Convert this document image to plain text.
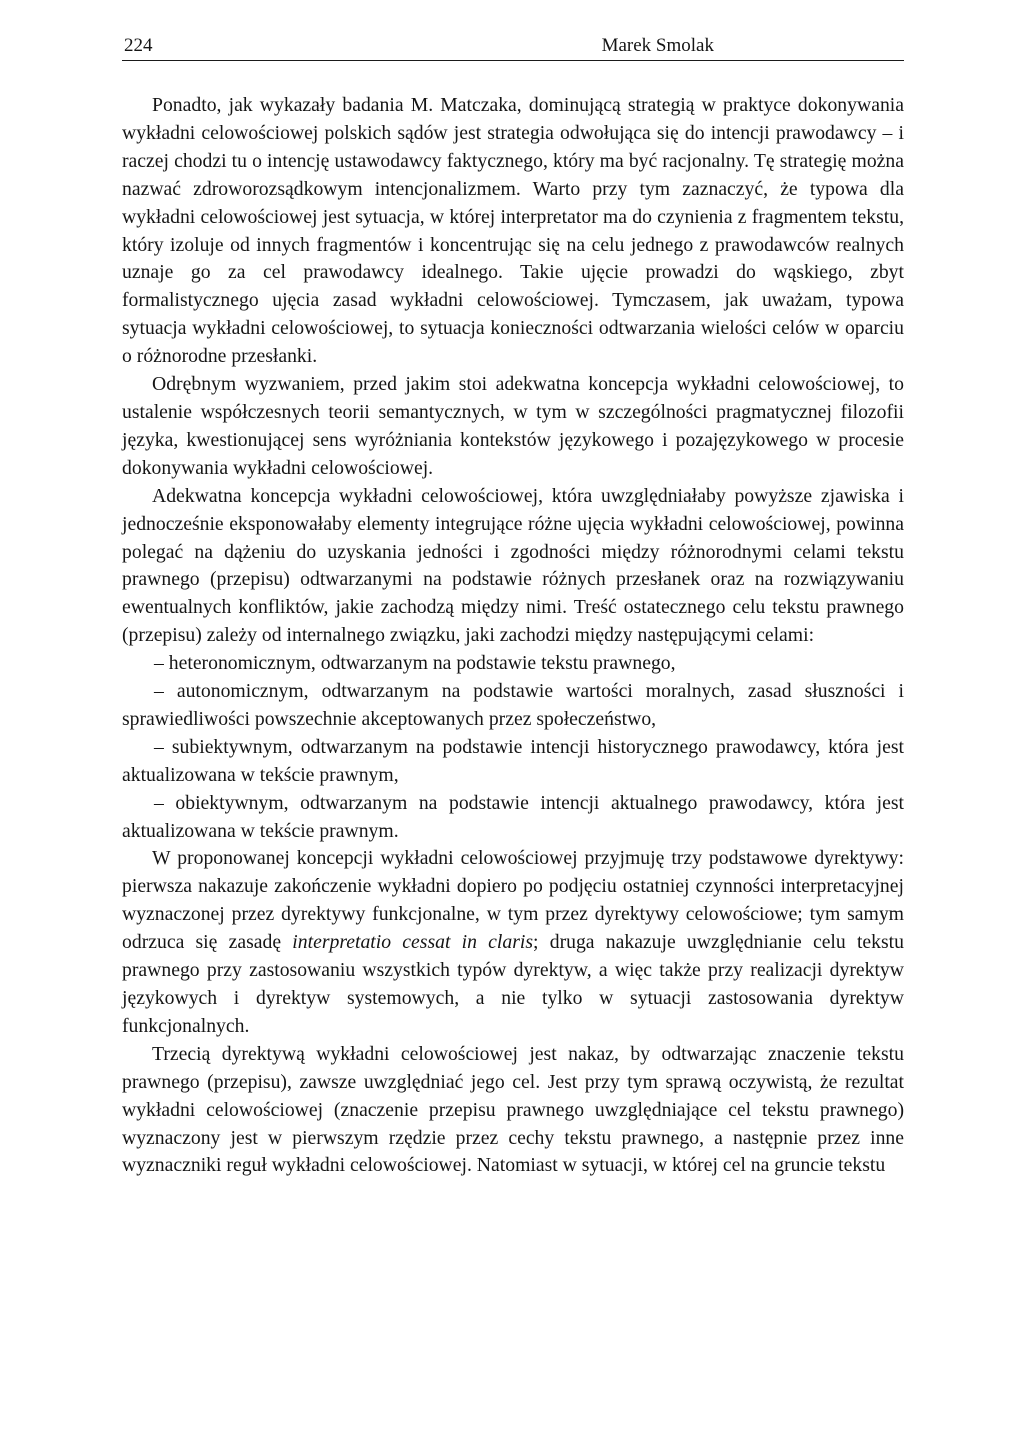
224	Marek Smolak

Ponadto, jak wykazały badania M. Matczaka, dominującą strategią w praktyce dokonywania wykładni celowościowej polskich sądów jest strategia odwołująca się do intencji prawodawcy – i raczej chodzi tu o intencję ustawodawcy faktycznego, który ma być racjonalny. Tę strategię można nazwać zdroworozsądkowym intencjonalizmem. Warto przy tym zaznaczyć, że typowa dla wykładni celowościowej jest sytuacja, w której interpretator ma do czynienia z fragmentem tekstu, który izoluje od innych fragmentów i koncentrując się na celu jednego z prawodawców realnych uznaje go za cel prawodawcy idealnego. Takie ujęcie prowadzi do wąskiego, zbyt formalistycznego ujęcia zasad wykładni celowościowej. Tymczasem, jak uważam, typowa sytuacja wykładni celowościowej, to sytuacja konieczności odtwarzania wielości celów w oparciu o różnorodne przesłanki.

Odrębnym wyzwaniem, przed jakim stoi adekwatna koncepcja wykładni celowościowej, to ustalenie współczesnych teorii semantycznych, w tym w szczególności pragmatycznej filozofii języka, kwestionującej sens wyróżniania kontekstów językowego i pozajęzykowego w procesie dokonywania wykładni celowościowej.

Adekwatna koncepcja wykładni celowościowej, która uwzględniałaby powyższe zjawiska i jednocześnie eksponowałaby elementy integrujące różne ujęcia wykładni celowościowej, powinna polegać na dążeniu do uzyskania jedności i zgodności między różnorodnymi celami tekstu prawnego (przepisu) odtwarzanymi na podstawie różnych przesłanek oraz na rozwiązywaniu ewentualnych konfliktów, jakie zachodzą między nimi. Treść ostatecznego celu tekstu prawnego (przepisu) zależy od internalnego związku, jaki zachodzi między następującymi celami:

– heteronomicznym, odtwarzanym na podstawie tekstu prawnego,

– autonomicznym, odtwarzanym na podstawie wartości moralnych, zasad słuszności i sprawiedliwości powszechnie akceptowanych przez społeczeństwo,

– subiektywnym, odtwarzanym na podstawie intencji historycznego prawodawcy, która jest aktualizowana w tekście prawnym,

– obiektywnym, odtwarzanym na podstawie intencji aktualnego prawodawcy, która jest aktualizowana w tekście prawnym.

W proponowanej koncepcji wykładni celowościowej przyjmuję trzy podstawowe dyrektywy: pierwsza nakazuje zakończenie wykładni dopiero po podjęciu ostatniej czynności interpretacyjnej wyznaczonej przez dyrektywy funkcjonalne, w tym przez dyrektywy celowościowe; tym samym odrzuca się zasadę interpretatio cessat in claris; druga nakazuje uwzględnianie celu tekstu prawnego przy zastosowaniu wszystkich typów dyrektyw, a więc także przy realizacji dyrektyw językowych i dyrektyw systemowych, a nie tylko w sytuacji zastosowania dyrektyw funkcjonalnych.

Trzecią dyrektywą wykładni celowościowej jest nakaz, by odtwarzając znaczenie tekstu prawnego (przepisu), zawsze uwzględniać jego cel. Jest przy tym sprawą oczywistą, że rezultat wykładni celowościowej (znaczenie przepisu prawnego uwzględniające cel tekstu prawnego) wyznaczony jest w pierwszym rzędzie przez cechy tekstu prawnego, a następnie przez inne wyznaczniki reguł wykładni celowościowej. Natomiast w sytuacji, w której cel na gruncie tekstu
